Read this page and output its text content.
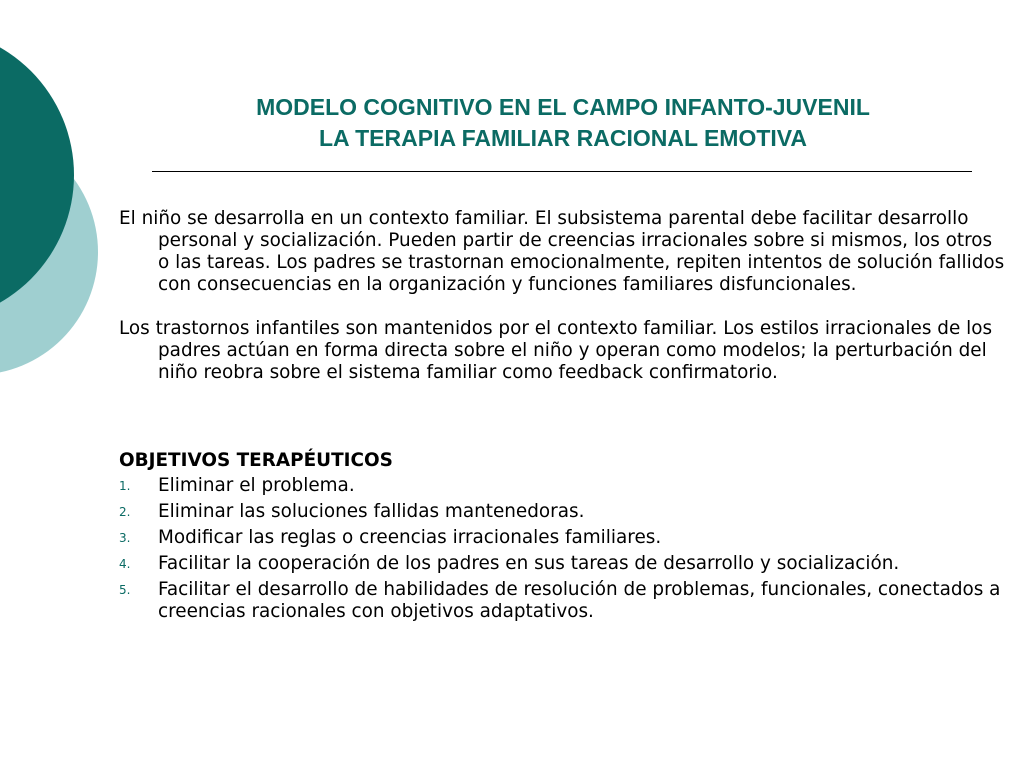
MODELO COGNITIVO EN EL CAMPO INFANTO-JUVENIL
LA TERAPIA FAMILIAR RACIONAL EMOTIVA

El niño se desarrolla en un contexto familiar. El subsistema parental debe facilitar desarrollo personal y socialización. Pueden partir de creencias irracionales sobre si mismos, los otros o las tareas. Los padres se trastornan emocionalmente, repiten intentos de solución fallidos con consecuencias en la organización y funciones familiares disfuncionales.

Los trastornos infantiles son mantenidos por el contexto familiar. Los estilos irracionales de los padres actúan en forma directa sobre el niño y operan como modelos; la perturbación del niño reobra sobre el sistema familiar como feedback confirmatorio.

OBJETIVOS TERAPÉUTICOS

1. Eliminar el problema.
2. Eliminar las soluciones fallidas mantenedoras.
3. Modificar las reglas o creencias irracionales familiares.
4. Facilitar la cooperación de los padres en sus tareas de desarrollo y socialización.
5. Facilitar el desarrollo de habilidades de resolución de problemas, funcionales, conectados a creencias racionales con objetivos adaptativos.
